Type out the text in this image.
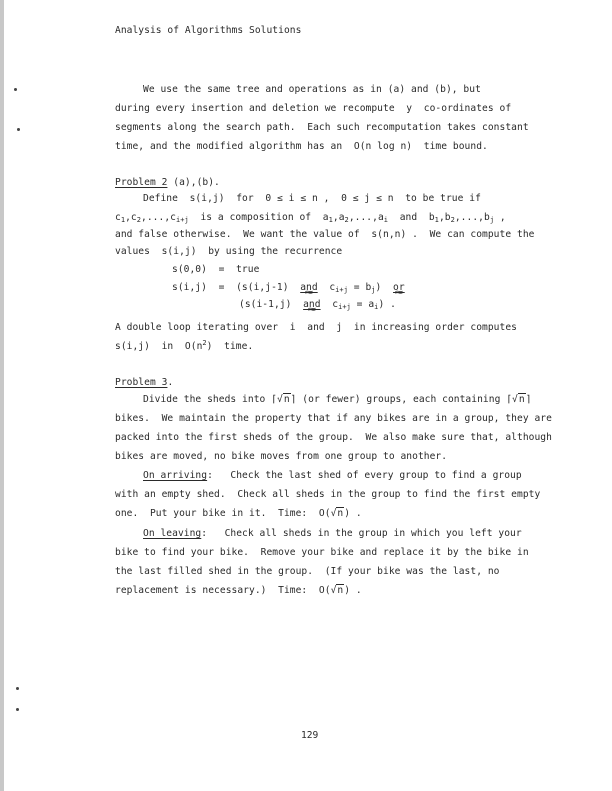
Analysis of Algorithms Solutions
We use the same tree and operations as in (a) and (b), but
during every insertion and deletion we recompute  y  co-ordinates of
segments along the search path.  Each such recomputation takes constant
time, and the modified algorithm has an  O(n log n)  time bound.
Problem 2 (a),(b).
Define  s(i,j)  for  0 ≤ i ≤ n ,  0 ≤ j ≤ n  to be true if
$c_1,c_2,...,c_{i+j}$ is a composition of  $a_1,a_2,...,a_i$ and  $b_1,b_2,...,b_j$ ,
and false otherwise.  We want the value of  s(n,n) .  We can compute the
values  s(i,j)  by using the recurrence
s(0,0)  =  true
s(i,j)  =  (s(i,j-1) and ≈  $c_{i+j} = b_j$)  or ≈
(s(i-1,j) and ≈  $c_{i+j} = a_i$) .
A double loop iterating over  i  and  j  in increasing order computes
s(i,j)  in  $O(n^2)$  time.
Problem 3.
Divide the sheds into ⌈√n⌉ (or fewer) groups, each containing ⌈√n⌉
bikes.  We maintain the property that if any bikes are in a group, they are
packed into the first sheds of the group.  We also make sure that, although
bikes are moved, no bike moves from one group to another.
On arriving:   Check the last shed of every group to find a group
with an empty shed.  Check all sheds in the group to find the first empty
one.  Put your bike in it.  Time:  O(√n) .
On leaving:   Check all sheds in the group in which you left your
bike to find your bike.  Remove your bike and replace it by the bike in
the last filled shed in the group.  (If your bike was the last, no
replacement is necessary.)  Time:  O(√n) .
129
